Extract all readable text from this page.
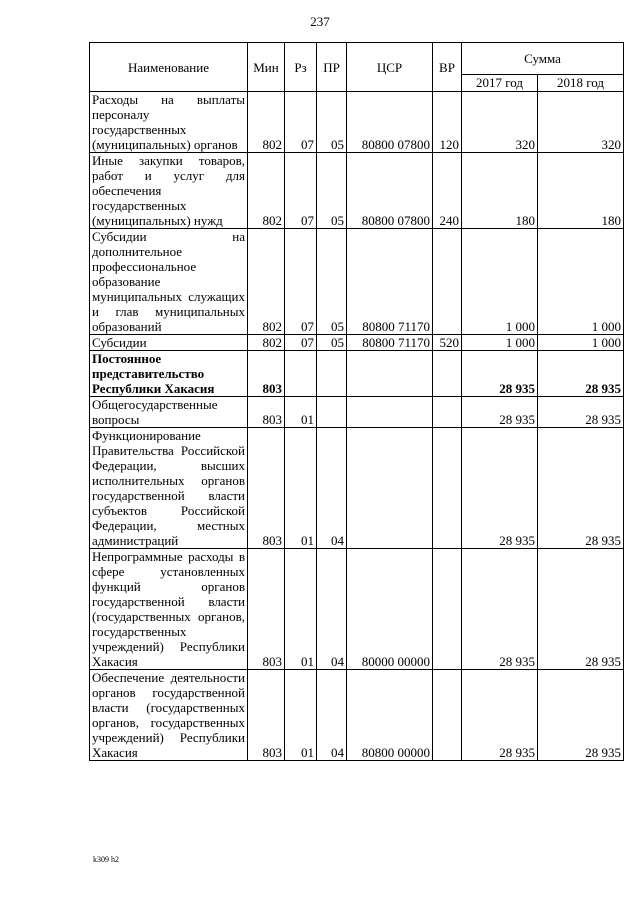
237
Наименование	Мин	Рз	ПР	ЦСР	ВР	Сумма	
						2017 год	2018 год
Расходы на выплаты персоналу государственных (муниципальных) органов	802	07	05	80800 07800	120	320	320
Иные закупки товаров, работ и услуг для обеспечения государственных (муниципальных) нужд	802	07	05	80800 07800	240	180	180
Субсидии на дополнительное профессиональное образование муниципальных служащих и глав муниципальных образований	802	07	05	80800 71170		1 000	1 000
Субсидии	802	07	05	80800 71170	520	1 000	1 000
Постоянное представительство Республики Хакасия	803					28 935	28 935
Общегосударственные вопросы	803	01				28 935	28 935
Функционирование Правительства Российской Федерации, высших исполнительных органов государственной власти субъектов Российской Федерации, местных администраций	803	01	04			28 935	28 935
Непрограммные расходы в сфере установленных функций органов государственной власти (государственных органов, государственных учреждений) Республики Хакасия	803	01	04	80000 00000		28 935	28 935
Обеспечение деятельности органов государственной власти (государственных органов, государственных учреждений) Республики Хакасия	803	01	04	80800 00000		28 935	28 935
k309 h2
